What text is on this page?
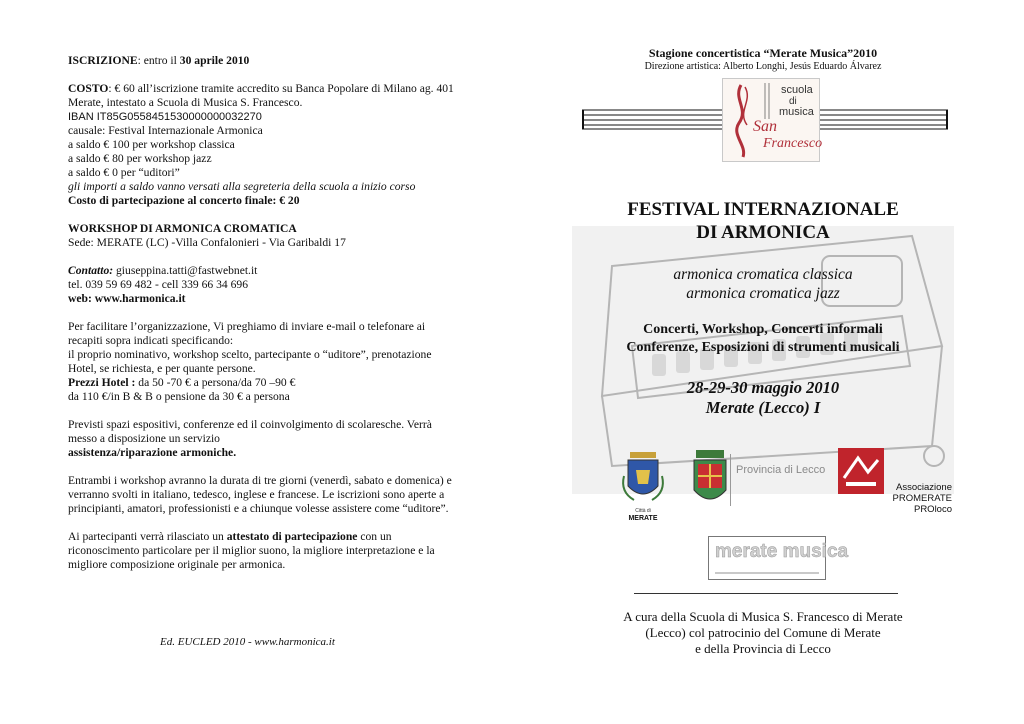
ISCRIZIONE: entro il 30 aprile 2010

COSTO: € 60 all’iscrizione tramite accredito su Banca Popolare di Milano ag. 401 Merate, intestato a Scuola di Musica S. Francesco.

IBAN IT85G0558451530000000032270

causale: Festival Internazionale Armonica

a saldo € 100 per workshop classica

a saldo € 80 per workshop jazz

a saldo € 0 per “uditori”

gli importi a saldo vanno versati alla segreteria della scuola a inizio corso

Costo di partecipazione al concerto finale: € 20

WORKSHOP DI ARMONICA CROMATICA

Sede: MERATE (LC) -Villa Confalonieri - Via Garibaldi 17

Contatto: giuseppina.tatti@fastwebnet.it

tel. 039 59 69 482 - cell 339 66 34 696

web: www.harmonica.it

Per facilitare l’organizzazione, Vi preghiamo di inviare e-mail o telefonare ai recapiti sopra indicati specificando:

il proprio nominativo, workshop scelto, partecipante o “uditore”, prenotazione Hotel, se richiesta, e per quante persone.

Prezzi Hotel : da 50 -70 € a persona/da 70 –90 €

da 110 €/in B & B o pensione da 30 € a persona

Previsti spazi espositivi, conferenze ed il coinvolgimento di scolaresche. Verrà messo a disposizione un servizio

assistenza/riparazione armoniche.

Entrambi i workshop avranno la durata di tre giorni (venerdì, sabato e domenica) e verranno svolti in italiano, tedesco, inglese e francese. Le iscrizioni sono aperte a principianti, amatori, professionisti e a chiunque volesse assistere come “uditore”.

Ai partecipanti verrà rilasciato un attestato di partecipazione con un riconoscimento particolare per il miglior suono, la migliore interpretazione e la migliore composizione originale per armonica.

Ed. EUCLED 2010 - www.harmonica.it
Stagione concertistica “Merate Musica”2010
Direzione artistica: Alberto Longhi, Jesús Eduardo Álvarez
scuola
di
musica
San
Francesco
FESTIVAL INTERNAZIONALE
DI ARMONICA
armonica cromatica classica
armonica cromatica jazz
Concerti, Workshop, Concerti informali
Conferenze, Esposizioni di strumenti musicali
28-29-30 maggio 2010
Merate (Lecco) I
Città di
MERATE
Provincia di Lecco
Associazione
PROMERATE PROloco
merate musica
A cura della Scuola di Musica S. Francesco di Merate
(Lecco) col patrocinio del Comune di Merate
e della Provincia di Lecco
